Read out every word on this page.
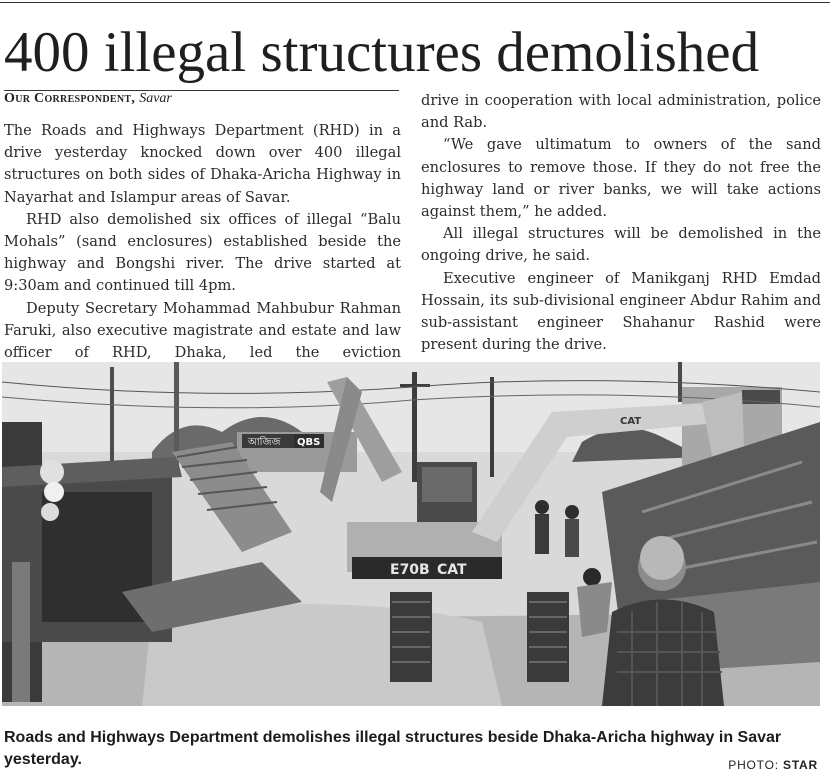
400 illegal structures demolished
Our Correspondent, Savar

The Roads and Highways Department (RHD) in a drive yesterday knocked down over 400 illegal structures on both sides of Dhaka-Aricha Highway in Nayarhat and Islampur areas of Savar.

RHD also demolished six offices of illegal “Balu Mohals” (sand enclosures) established beside the highway and Bongshi river. The drive started at 9:30am and continued till 4pm.

Deputy Secretary Mohammad Mahbubur Rahman Faruki, also executive magistrate and estate and law officer of RHD, Dhaka, led the eviction

drive in cooperation with local administration, police and Rab.

“We gave ultimatum to owners of the sand enclosures to remove those. If they do not free the highway land or river banks, we will take actions against them,” he added.

All illegal structures will be demolished in the ongoing drive, he said.

Executive engineer of Manikganj RHD Emdad Hossain, its sub-divisional engineer Abdur Rahim and sub-assistant engineer Shahanur Rashid were present during the drive.

আজিজ QBS
E70B CAT
CAT
Roads and Highways Department demolishes illegal structures beside Dhaka-Aricha highway in Savar yesterday.	PHOTO: STAR
